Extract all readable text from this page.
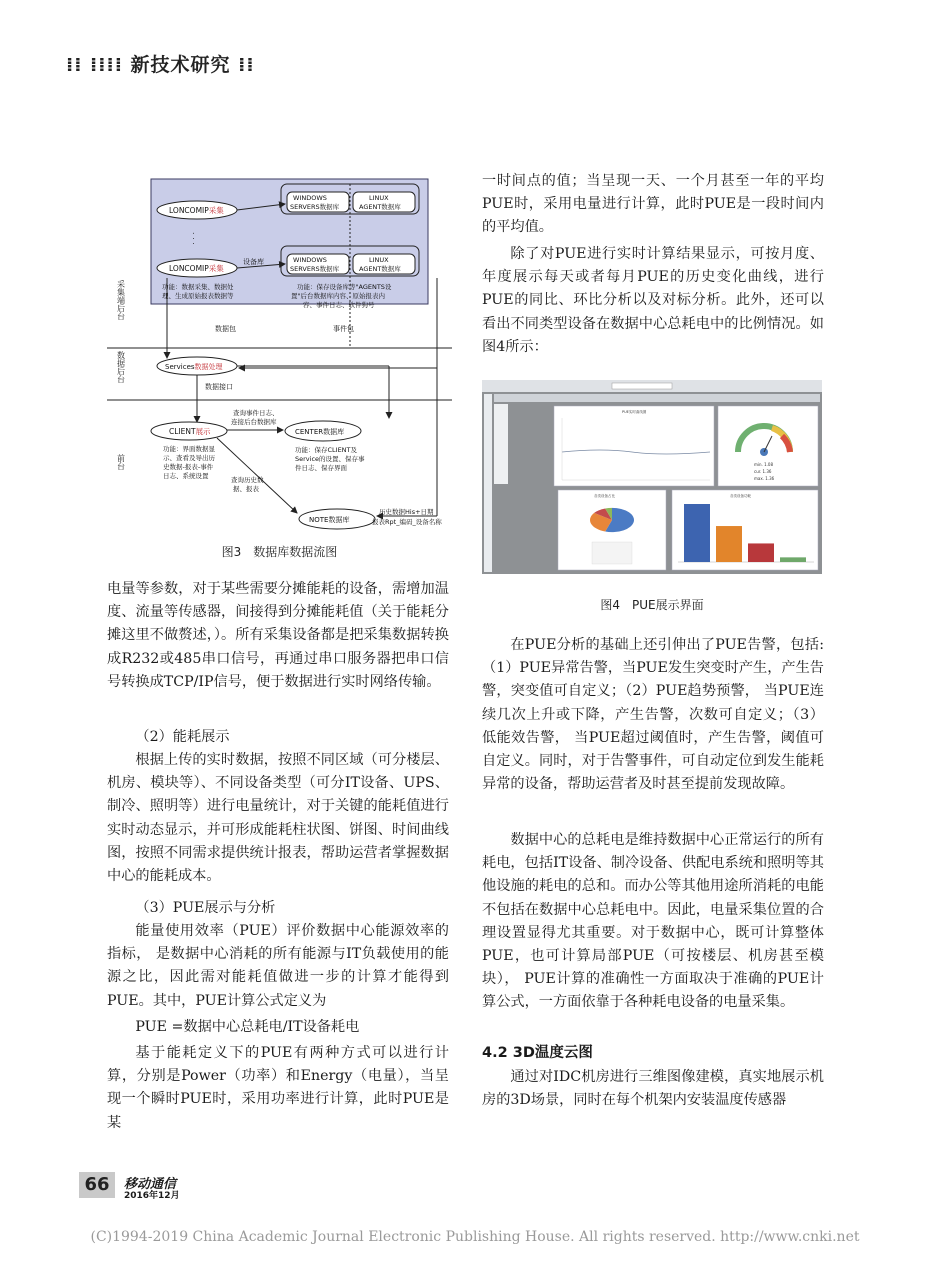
⁞⁞ ⁞⁞⁞⁞ 新技术研究 ⁞⁞
采集端后台
数据后台
前台
LONCOMIP采集
· · ·
LONCOMIP采集
WINDOWS
SERVERS数据库
LINUX
AGENT数据库
WINDOWS
SERVERS数据库
LINUX
AGENT数据库
设备库
功能：数据采集、数据处理、生成原始报表数据等
功能：保存设备库等"AGENTS设置"后台数据库内容、原始报表内容、事件日志、软件狗号
数据包	事件包
Services数据处理
数据接口
CLIENT展示
查询事件日志、连接后台数据库
CENTER数据库
功能：界面数据显示、查看及导出历史数据-报表-事件日志、系统设置
功能：保存CLIENT及 Service的设置、保存事件日志、保存界面
查询历史数据、报表
NOTE数据库
历史数据His+日期报表Rpt_编码_设备名称
图3　数据库数据流图

电量等参数，对于某些需要分摊能耗的设备，需增加温度、流量等传感器，间接得到分摊能耗值（关于能耗分摊这里不做赘述，）。所有采集设备都是把采集数据转换成R232或485串口信号，再通过串口服务器把串口信号转换成TCP/IP信号，便于数据进行实时网络传输。

（2）能耗展示

根据上传的实时数据，按照不同区域（可分楼层、机房、模块等）、不同设备类型（可分IT设备、UPS、制冷、照明等）进行电量统计，对于关键的能耗值进行实时动态显示，并可形成能耗柱状图、饼图、时间曲线图，按照不同需求提供统计报表，帮助运营者掌握数据中心的能耗成本。

（3）PUE展示与分析

能量使用效率（PUE）评价数据中心能源效率的指标， 是数据中心消耗的所有能源与IT负载使用的能源之比，因此需对能耗值做进一步的计算才能得到PUE。其中，PUE计算公式定义为

PUE =数据中心总耗电/IT设备耗电

基于能耗定义下的PUE有两种方式可以进行计算，分别是Power（功率）和Energy（电量），当呈现一个瞬时PUE时，采用功率进行计算，此时PUE是某

一时间点的值；当呈现一天、一个月甚至一年的平均PUE时，采用电量进行计算，此时PUE是一段时间内的平均值。

除了对PUE进行实时计算结果显示，可按月度、年度展示每天或者每月PUE的历史变化曲线，进行PUE的同比、环比分析以及对标分析。此外，还可以看出不同类型设备在数据中心总耗电中的比例情况。如图4所示：

PUE实时曲线图
min. 1.08
cur. 1.36
max. 1.36
各类设备占比	各类设备功耗
图4　PUE展示界面

在PUE分析的基础上还引伸出了PUE告警，包括:（1）PUE异常告警，当PUE发生突变时产生，产生告警，突变值可自定义；（2）PUE趋势预警， 当PUE连续几次上升或下降，产生告警，次数可自定义；（3）低能效告警， 当PUE超过阈值时，产生告警，阈值可自定义。同时，对于告警事件，可自动定位到发生能耗异常的设备，帮助运营者及时甚至提前发现故障。

数据中心的总耗电是维持数据中心正常运行的所有耗电，包括IT设备、制冷设备、供配电系统和照明等其他设施的耗电的总和。而办公等其他用途所消耗的电能不包括在数据中心总耗电中。因此，电量采集位置的合理设置显得尤其重要。对于数据中心，既可计算整体PUE，也可计算局部PUE（可按楼层、机房甚至模块）， PUE计算的准确性一方面取决于准确的PUE计算公式，一方面依靠于各种耗电设备的电量采集。

4.2 3D温度云图

通过对IDC机房进行三维图像建模，真实地展示机房的3D场景，同时在每个机架内安装温度传感器

66	移动通信
2016年12月
(C)1994-2019 China Academic Journal Electronic Publishing House. All rights reserved. http://www.cnki.net
